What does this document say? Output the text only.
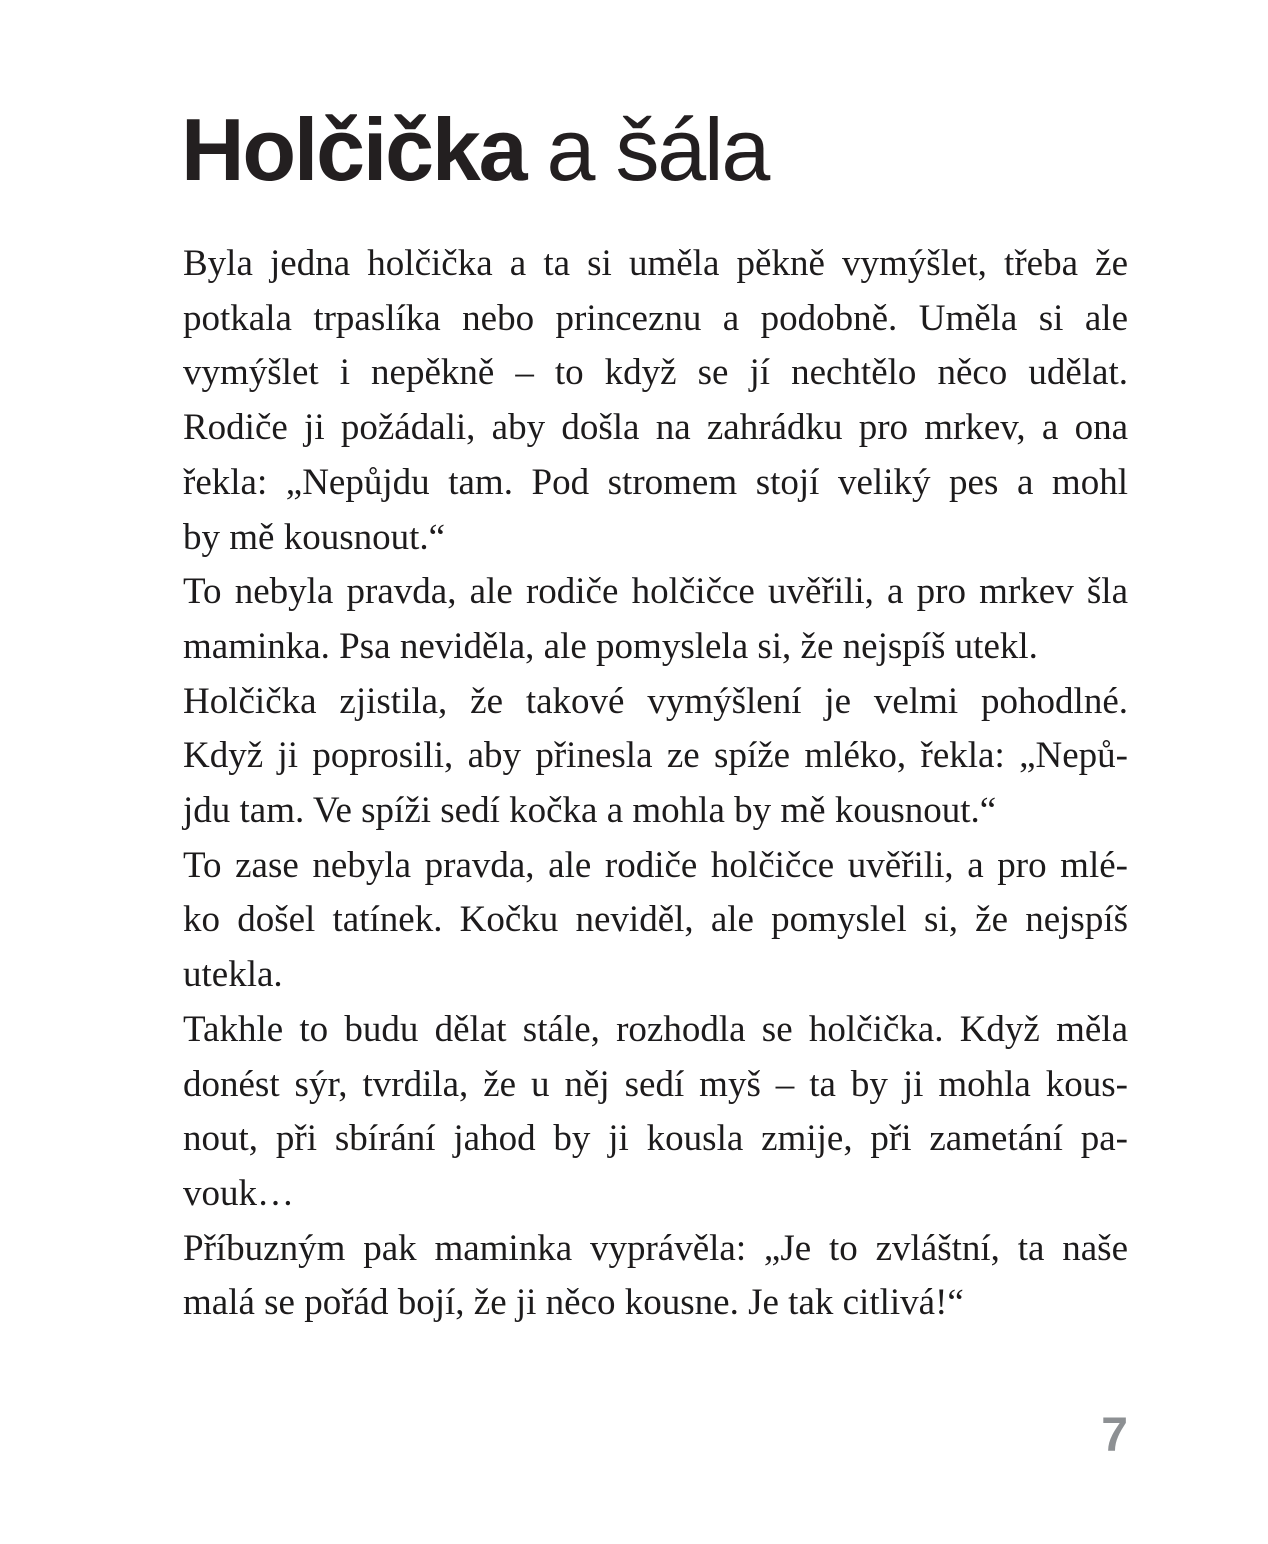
Holčička a šála
Byla jedna holčička a ta si uměla pěkně vymýšlet, třeba že
potkala trpaslíka nebo princeznu a podobně. Uměla si ale
vymýšlet i nepěkně – to když se jí nechtělo něco udělat.
Rodiče ji požádali, aby došla na zahrádku pro mrkev, a ona
řekla: „Nepůjdu tam. Pod stromem stojí veliký pes a mohl
by mě kousnout.“
To nebyla pravda, ale rodiče holčičce uvěřili, a pro mrkev šla
maminka. Psa neviděla, ale pomyslela si, že nejspíš utekl.
Holčička zjistila, že takové vymýšlení je velmi pohodlné.
Když ji poprosili, aby přinesla ze spíže mléko, řekla: „Nepů-
jdu tam. Ve spíži sedí kočka a mohla by mě kousnout.“
To zase nebyla pravda, ale rodiče holčičce uvěřili, a pro mlé-
ko došel tatínek. Kočku neviděl, ale pomyslel si, že nejspíš
utekla.
Takhle to budu dělat stále, rozhodla se holčička. Když měla
donést sýr, tvrdila, že u něj sedí myš – ta by ji mohla kous-
nout, při sbírání jahod by ji kousla zmije, při zametání pa-
vouk…
Příbuzným pak maminka vyprávěla: „Je to zvláštní, ta naše
malá se pořád bojí, že ji něco kousne. Je tak citlivá!“
7
